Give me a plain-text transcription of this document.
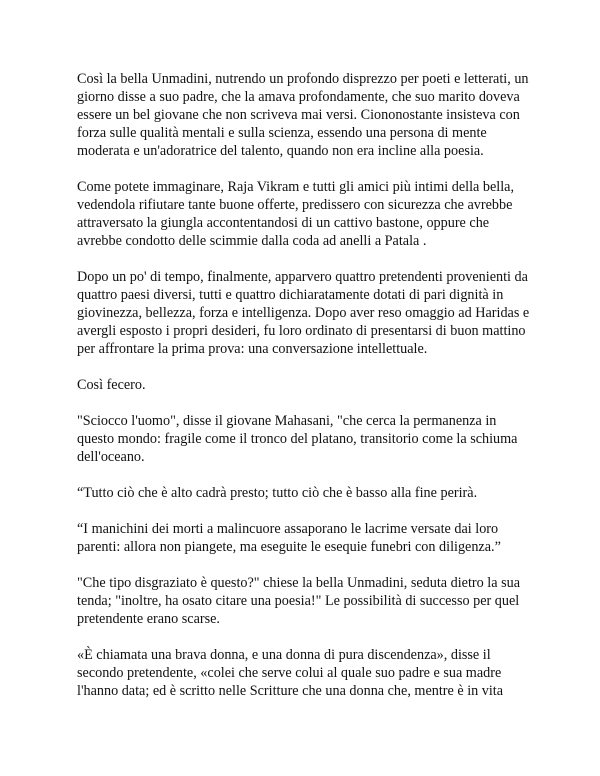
Così la bella Unmadini, nutrendo un profondo disprezzo per poeti e letterati, un giorno disse a suo padre, che la amava profondamente, che suo marito doveva essere un bel giovane che non scriveva mai versi. Ciononostante insisteva con forza sulle qualità mentali e sulla scienza, essendo una persona di mente moderata e un'adoratrice del talento, quando non era incline alla poesia.

Come potete immaginare, Raja Vikram e tutti gli amici più intimi della bella, vedendola rifiutare tante buone offerte, predissero con sicurezza che avrebbe attraversato la giungla accontentandosi di un cattivo bastone, oppure che avrebbe condotto delle scimmie dalla coda ad anelli a Patala .

Dopo un po' di tempo, finalmente, apparvero quattro pretendenti provenienti da quattro paesi diversi, tutti e quattro dichiaratamente dotati di pari dignità in giovinezza, bellezza, forza e intelligenza. Dopo aver reso omaggio ad Haridas e avergli esposto i propri desideri, fu loro ordinato di presentarsi di buon mattino per affrontare la prima prova: una conversazione intellettuale.

Così fecero.

"Sciocco l'uomo", disse il giovane Mahasani, "che cerca la permanenza in questo mondo: fragile come il tronco del platano, transitorio come la schiuma dell'oceano.

“Tutto ciò che è alto cadrà presto; tutto ciò che è basso alla fine perirà.

“I manichini dei morti a malincuore assaporano le lacrime versate dai loro parenti: allora non piangete, ma eseguite le esequie funebri con diligenza.”

"Che tipo disgraziato è questo?" chiese la bella Unmadini, seduta dietro la sua tenda; "inoltre, ha osato citare una poesia!" Le possibilità di successo per quel pretendente erano scarse.

«È chiamata una brava donna, e una donna di pura discendenza», disse il secondo pretendente, «colei che serve colui al quale suo padre e sua madre l'hanno data; ed è scritto nelle Scritture che una donna che, mentre è in vita
